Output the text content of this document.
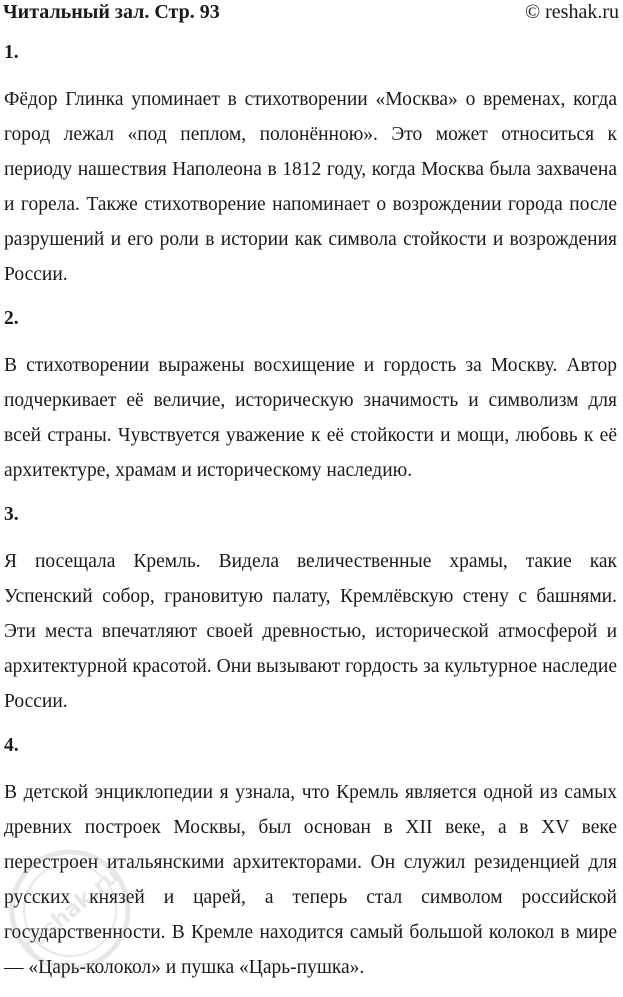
Читальный зал. Стр. 93	© reshak.ru
1.

Фёдор Глинка упоминает в стихотворении «Москва» о временах, когда город лежал «под пеплом, полонённою». Это может относиться к периоду нашествия Наполеона в 1812 году, когда Москва была захвачена и горела. Также стихотворение напоминает о возрождении города после разрушений и его роли в истории как символа стойкости и возрождения России.

2.

В стихотворении выражены восхищение и гордость за Москву. Автор подчеркивает её величие, историческую значимость и символизм для всей страны. Чувствуется уважение к её стойкости и мощи, любовь к её архитектуре, храмам и историческому наследию.

3.

Я посещала Кремль. Видела величественные храмы, такие как Успенский собор, грановитую палату, Кремлёвскую стену с башнями. Эти места впечатляют своей древностью, исторической атмосферой и архитектурной красотой. Они вызывают гордость за культурное наследие России.

4.

В детской энциклопедии я узнала, что Кремль является одной из самых древних построек Москвы, был основан в XII веке, а в XV веке перестроен итальянскими архитекторами. Он служил резиденцией для русских князей и царей, а теперь стал символом российской государственности. В Кремле находится самый большой колокол в мире — «Царь-колокол» и пушка «Царь-пушка».

reshak.ru
